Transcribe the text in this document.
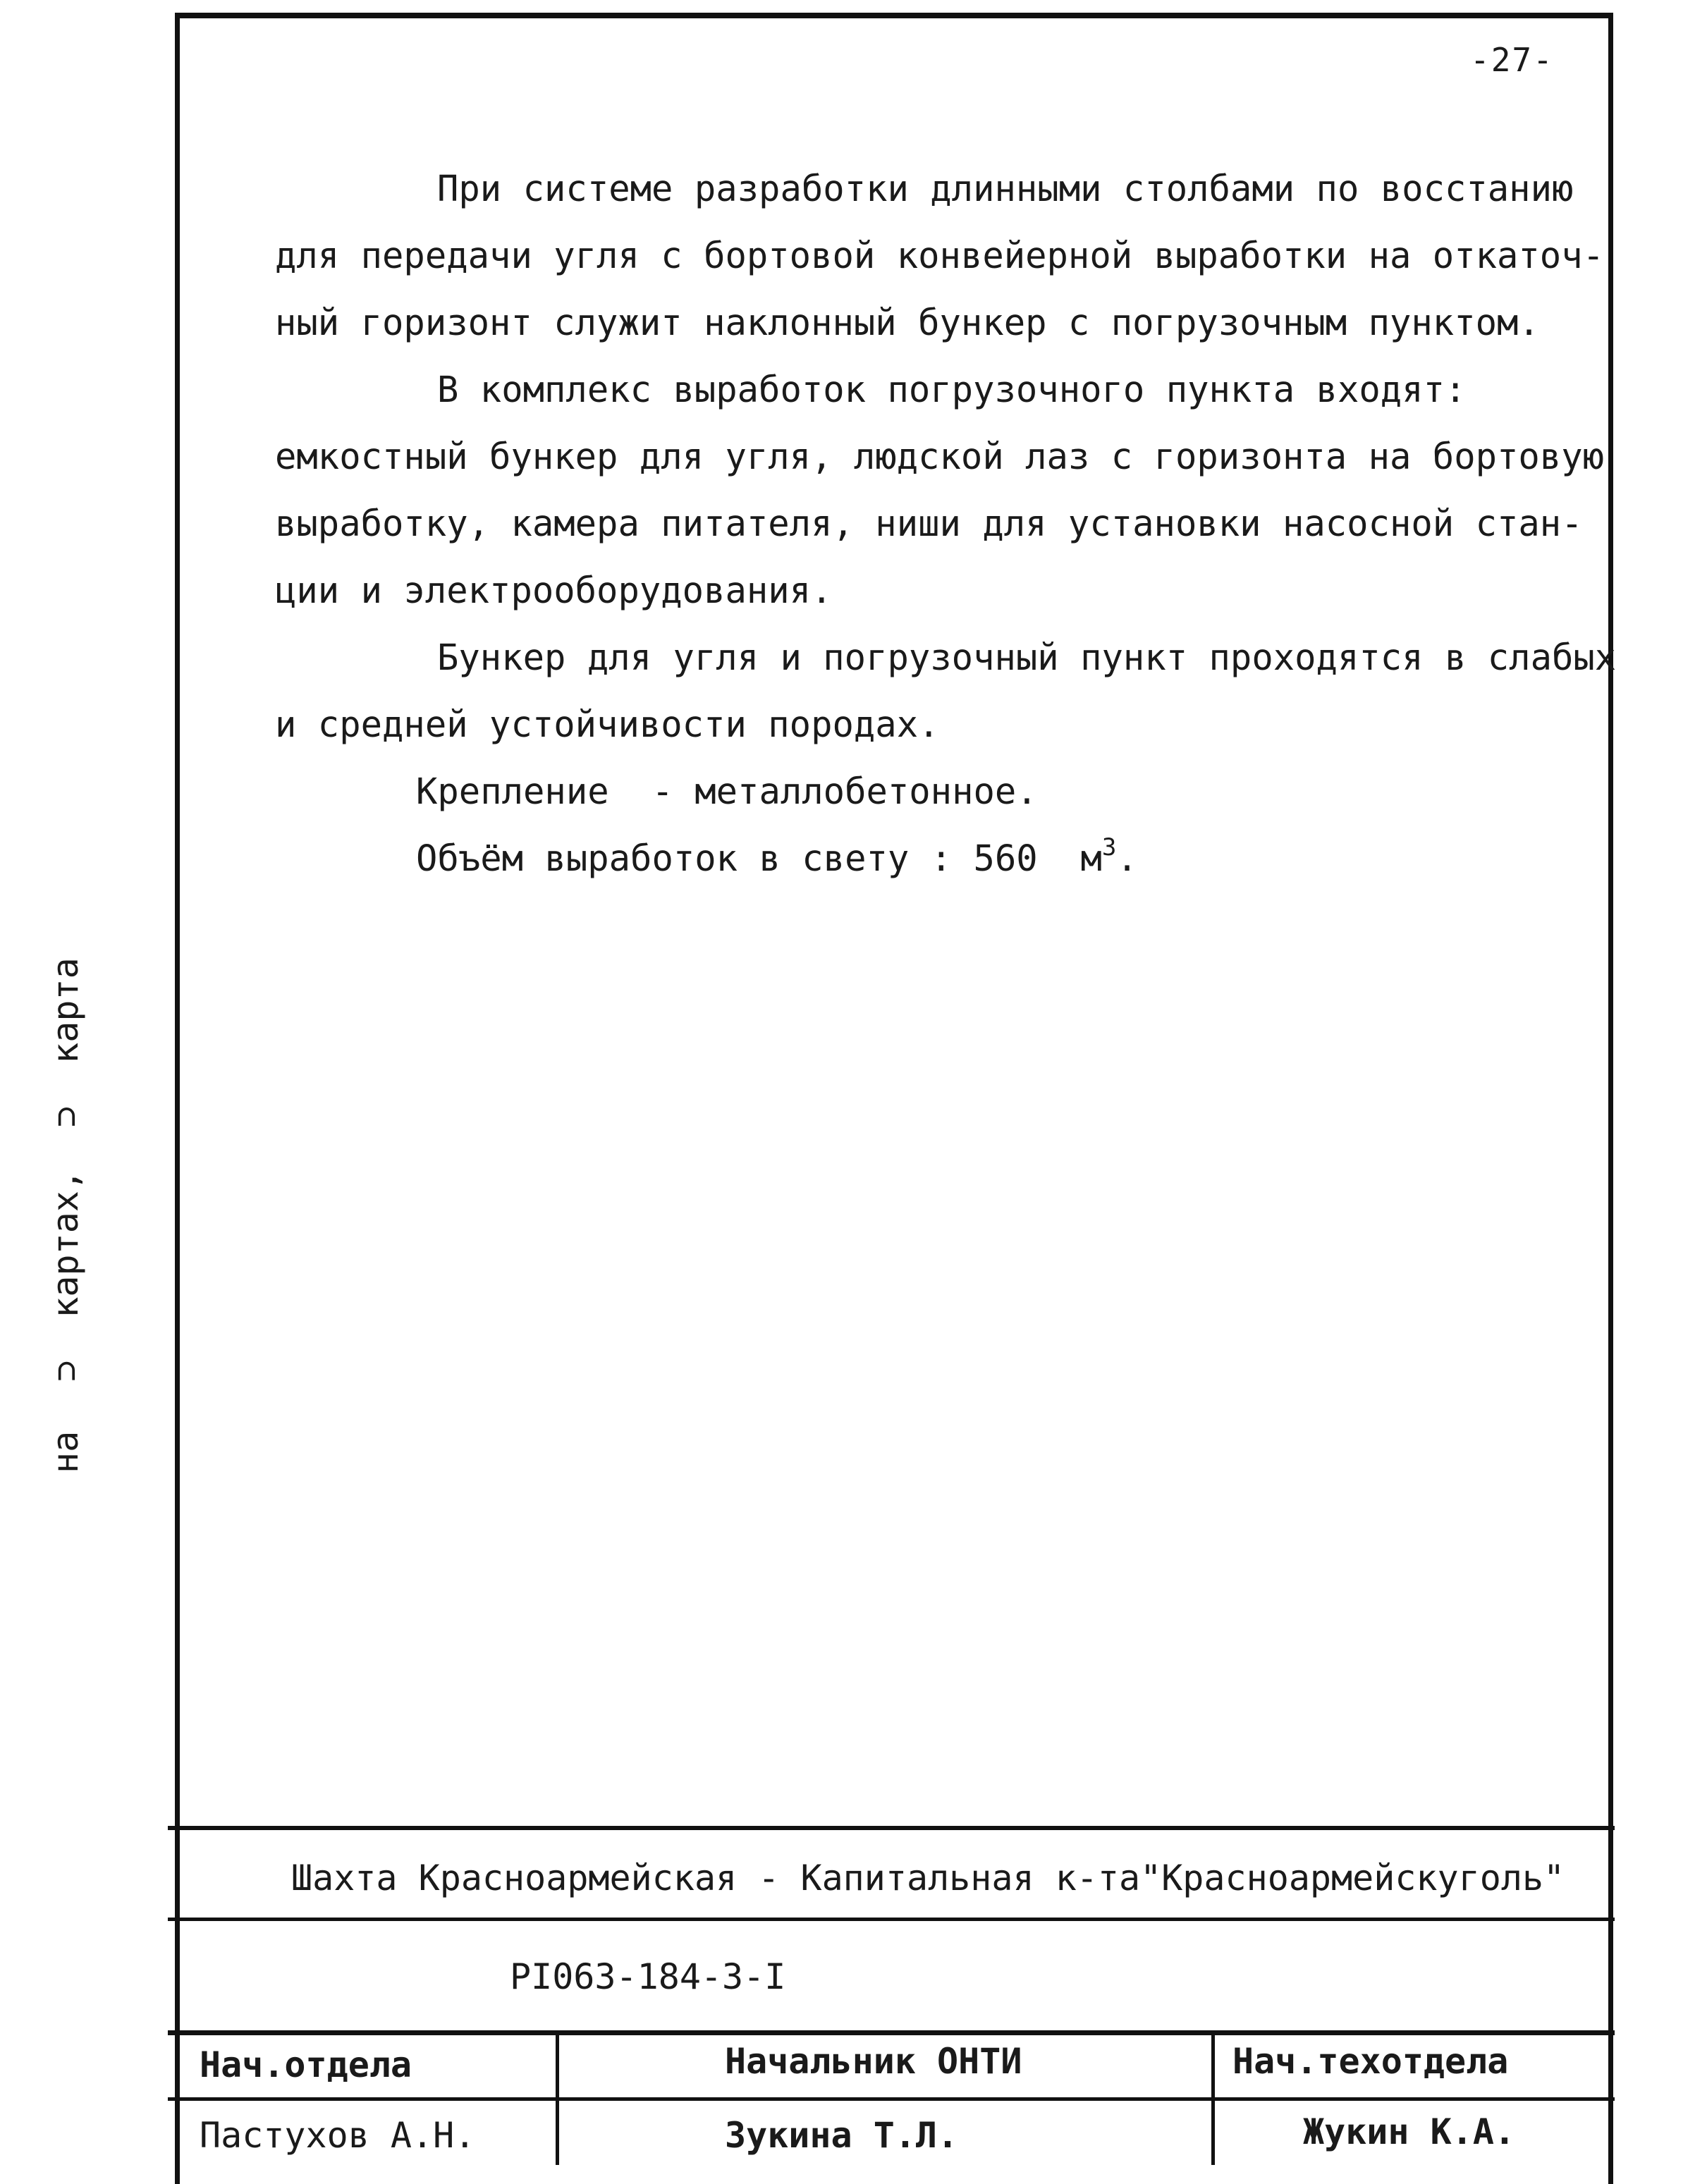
на
⊃
картах,
⊃
карта
-27-
При системе разработки длинными столбами по восстанию
для передачи угля с бортовой конвейерной выработки на откаточ-
ный горизонт служит наклонный бункер с погрузочным пунктом.
В комплекс выработок погрузочного пункта входят:
емкостный бункер для угля, людской лаз с горизонта на бортовую
выработку, камера питателя, ниши для установки насосной стан-
ции и электрооборудования.
Бункер для угля и погрузочный пункт проходятся в слабых
и средней устойчивости породах.
Крепление  - металлобетонное.
Объём выработок в свету : 560  $м^3$.
Шахта Красноармейская - Капитальная к-та"Красноармейскуголь"
PI063-184-3-I
Нач.отдела	Начальник ОНТИ	Нач.техотдела
Пастухов А.Н.	Зукина Т.Л.	Жукин К.А.
